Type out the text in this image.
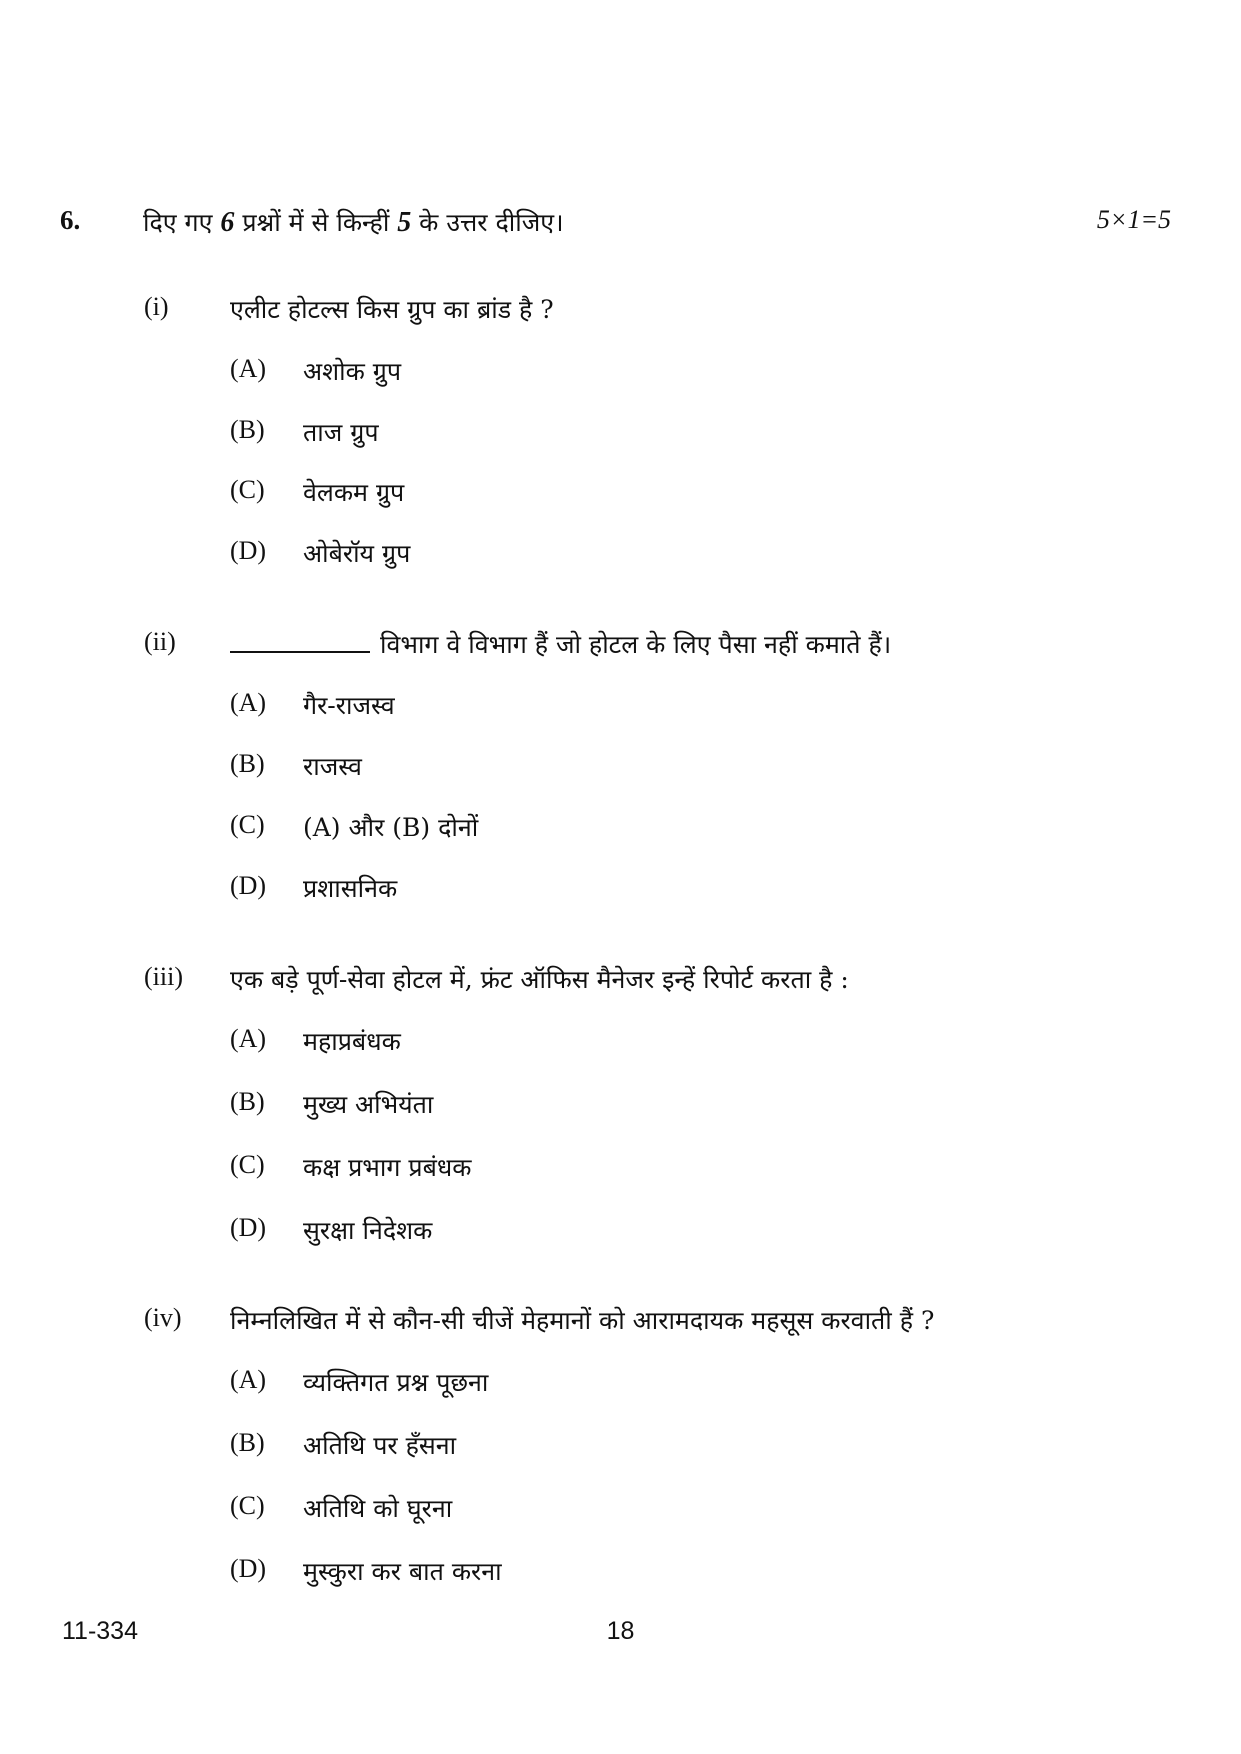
6.	दिए गए 6 प्रश्नों में से किन्हीं 5 के उत्तर दीजिए।	5×1=5
(i) एलीट होटल्स किस ग्रुप का ब्रांड है ?
(A) अशोक ग्रुप
(B) ताज ग्रुप
(C) वेलकम ग्रुप
(D) ओबेरॉय ग्रुप
(ii)	विभाग वे विभाग हैं जो होटल के लिए पैसा नहीं कमाते हैं।
(A) गैर-राजस्व
(B) राजस्व
(C) (A) और (B) दोनों
(D) प्रशासनिक
(iii) एक बड़े पूर्ण-सेवा होटल में, फ्रंट ऑफिस मैनेजर इन्हें रिपोर्ट करता है :
(A) महाप्रबंधक
(B) मुख्य अभियंता
(C) कक्ष प्रभाग प्रबंधक
(D) सुरक्षा निदेशक
(iv) निम्नलिखित में से कौन-सी चीजें मेहमानों को आरामदायक महसूस करवाती हैं ?
(A) व्यक्तिगत प्रश्न पूछना
(B) अतिथि पर हँसना
(C) अतिथि को घूरना
(D) मुस्कुरा कर बात करना
11-334	18
